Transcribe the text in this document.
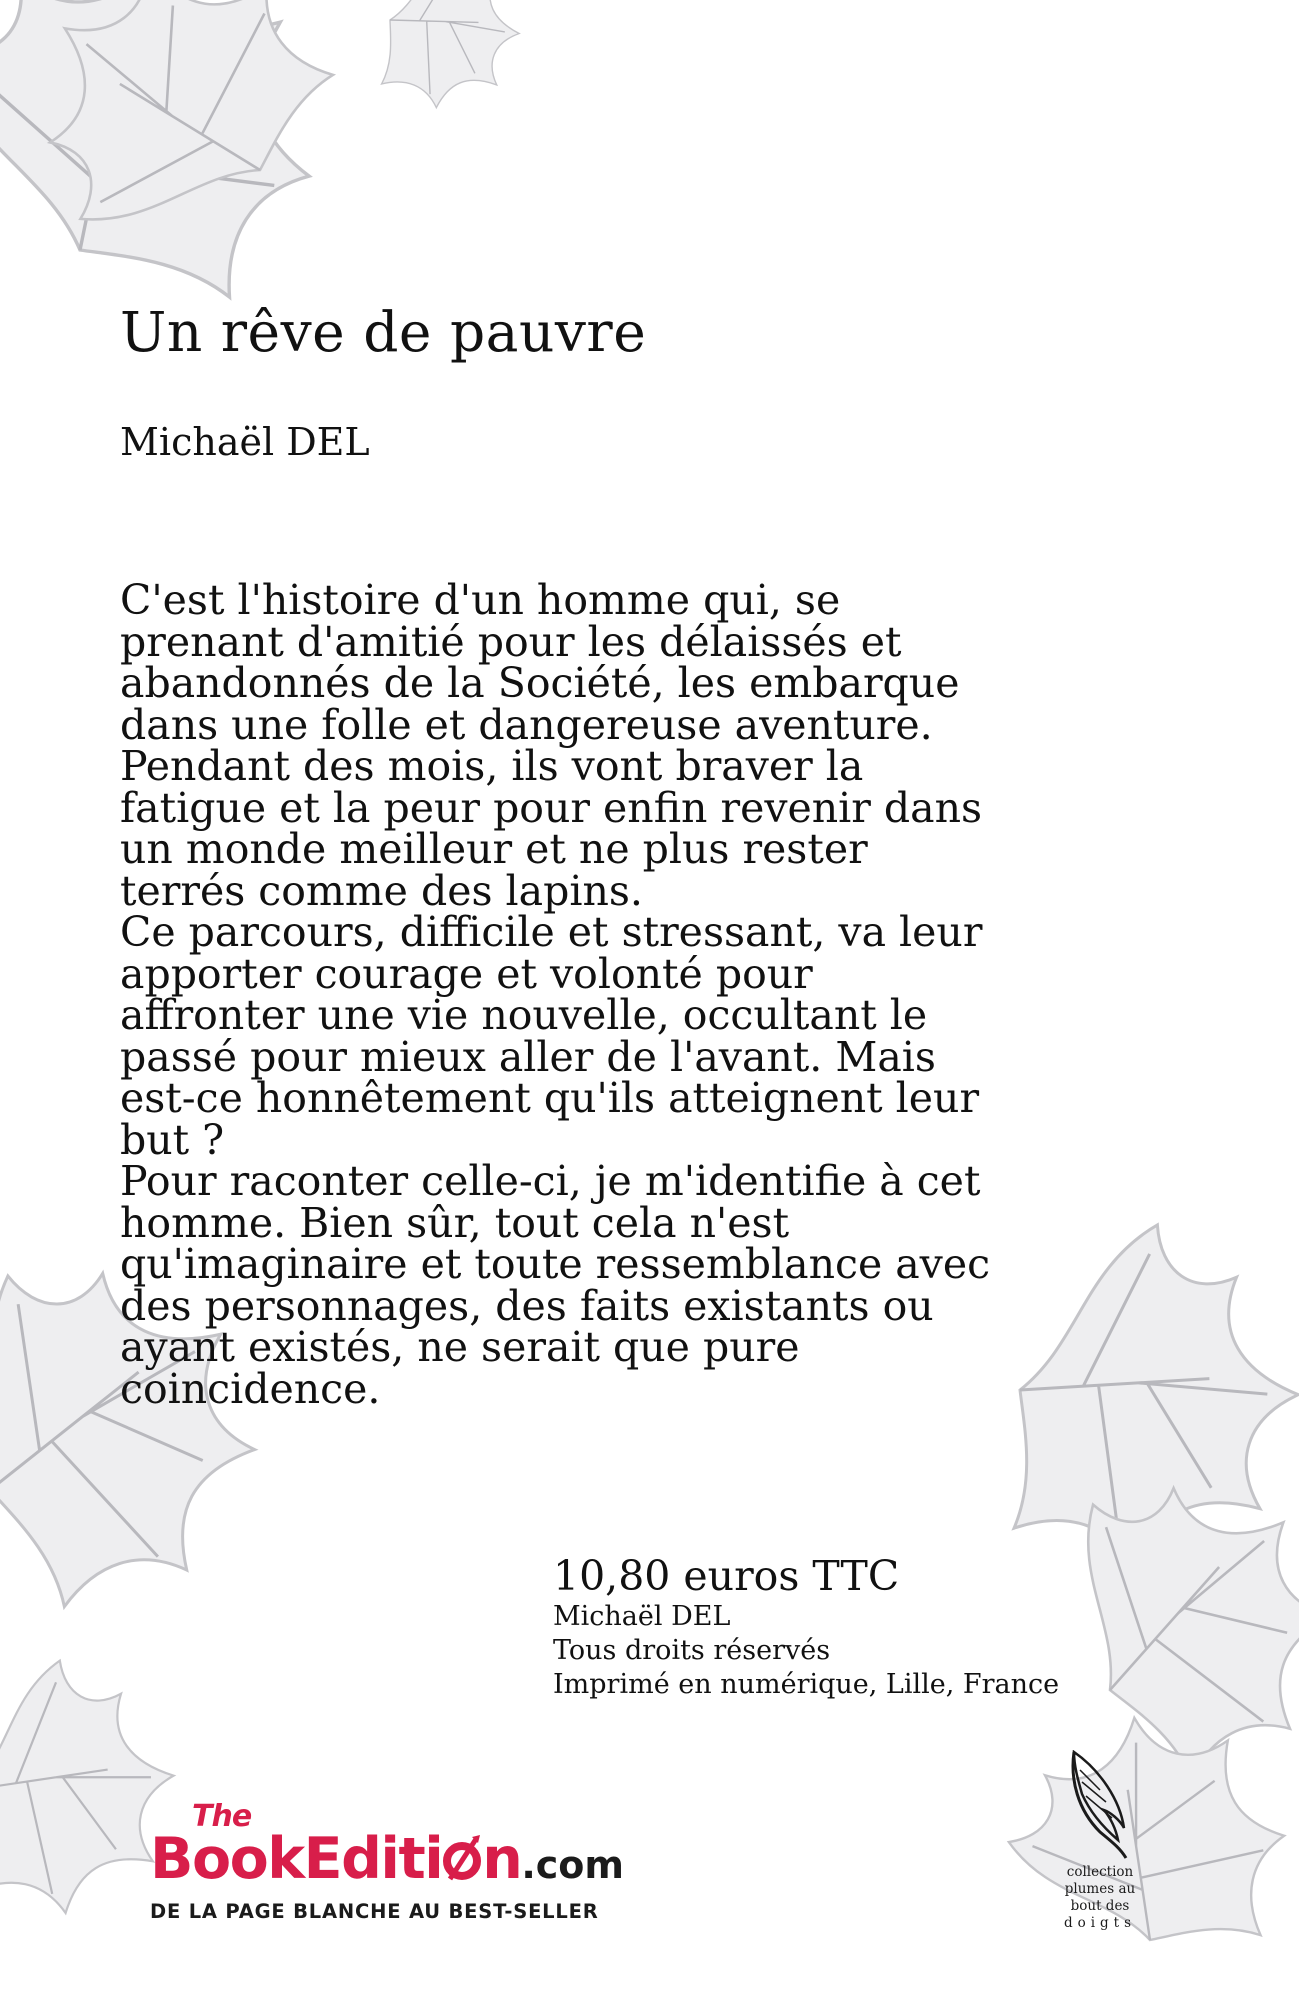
Un rêve de pauvre
Michaël DEL

C'est l'histoire d'un homme qui, se prenant d'amitié pour les délaissés et abandonnés de la Société, les embarque dans une folle et dangereuse aventure.

Pendant des mois, ils vont braver la fatigue et la peur pour enfin revenir dans un monde meilleur et ne plus rester terrés comme des lapins.

Ce parcours, difficile et stressant, va leur apporter courage et volonté pour affronter une vie nouvelle, occultant le passé pour mieux aller de l'avant. Mais est-ce honnêtement qu'ils atteignent leur but ?

Pour raconter celle-ci, je m'identifie à cet homme. Bien sûr, tout cela n'est qu'imaginaire et toute ressemblance avec des personnages, des faits existants ou ayant existés, ne serait que pure coincidence.

10,80 euros TTC
Michaël DEL
Tous droits réservés
Imprimé en numérique, Lille, France
The
BookEditi n.com
DE LA PAGE BLANCHE AU BEST-SELLER
collection
plumes au
bout des
doigts
